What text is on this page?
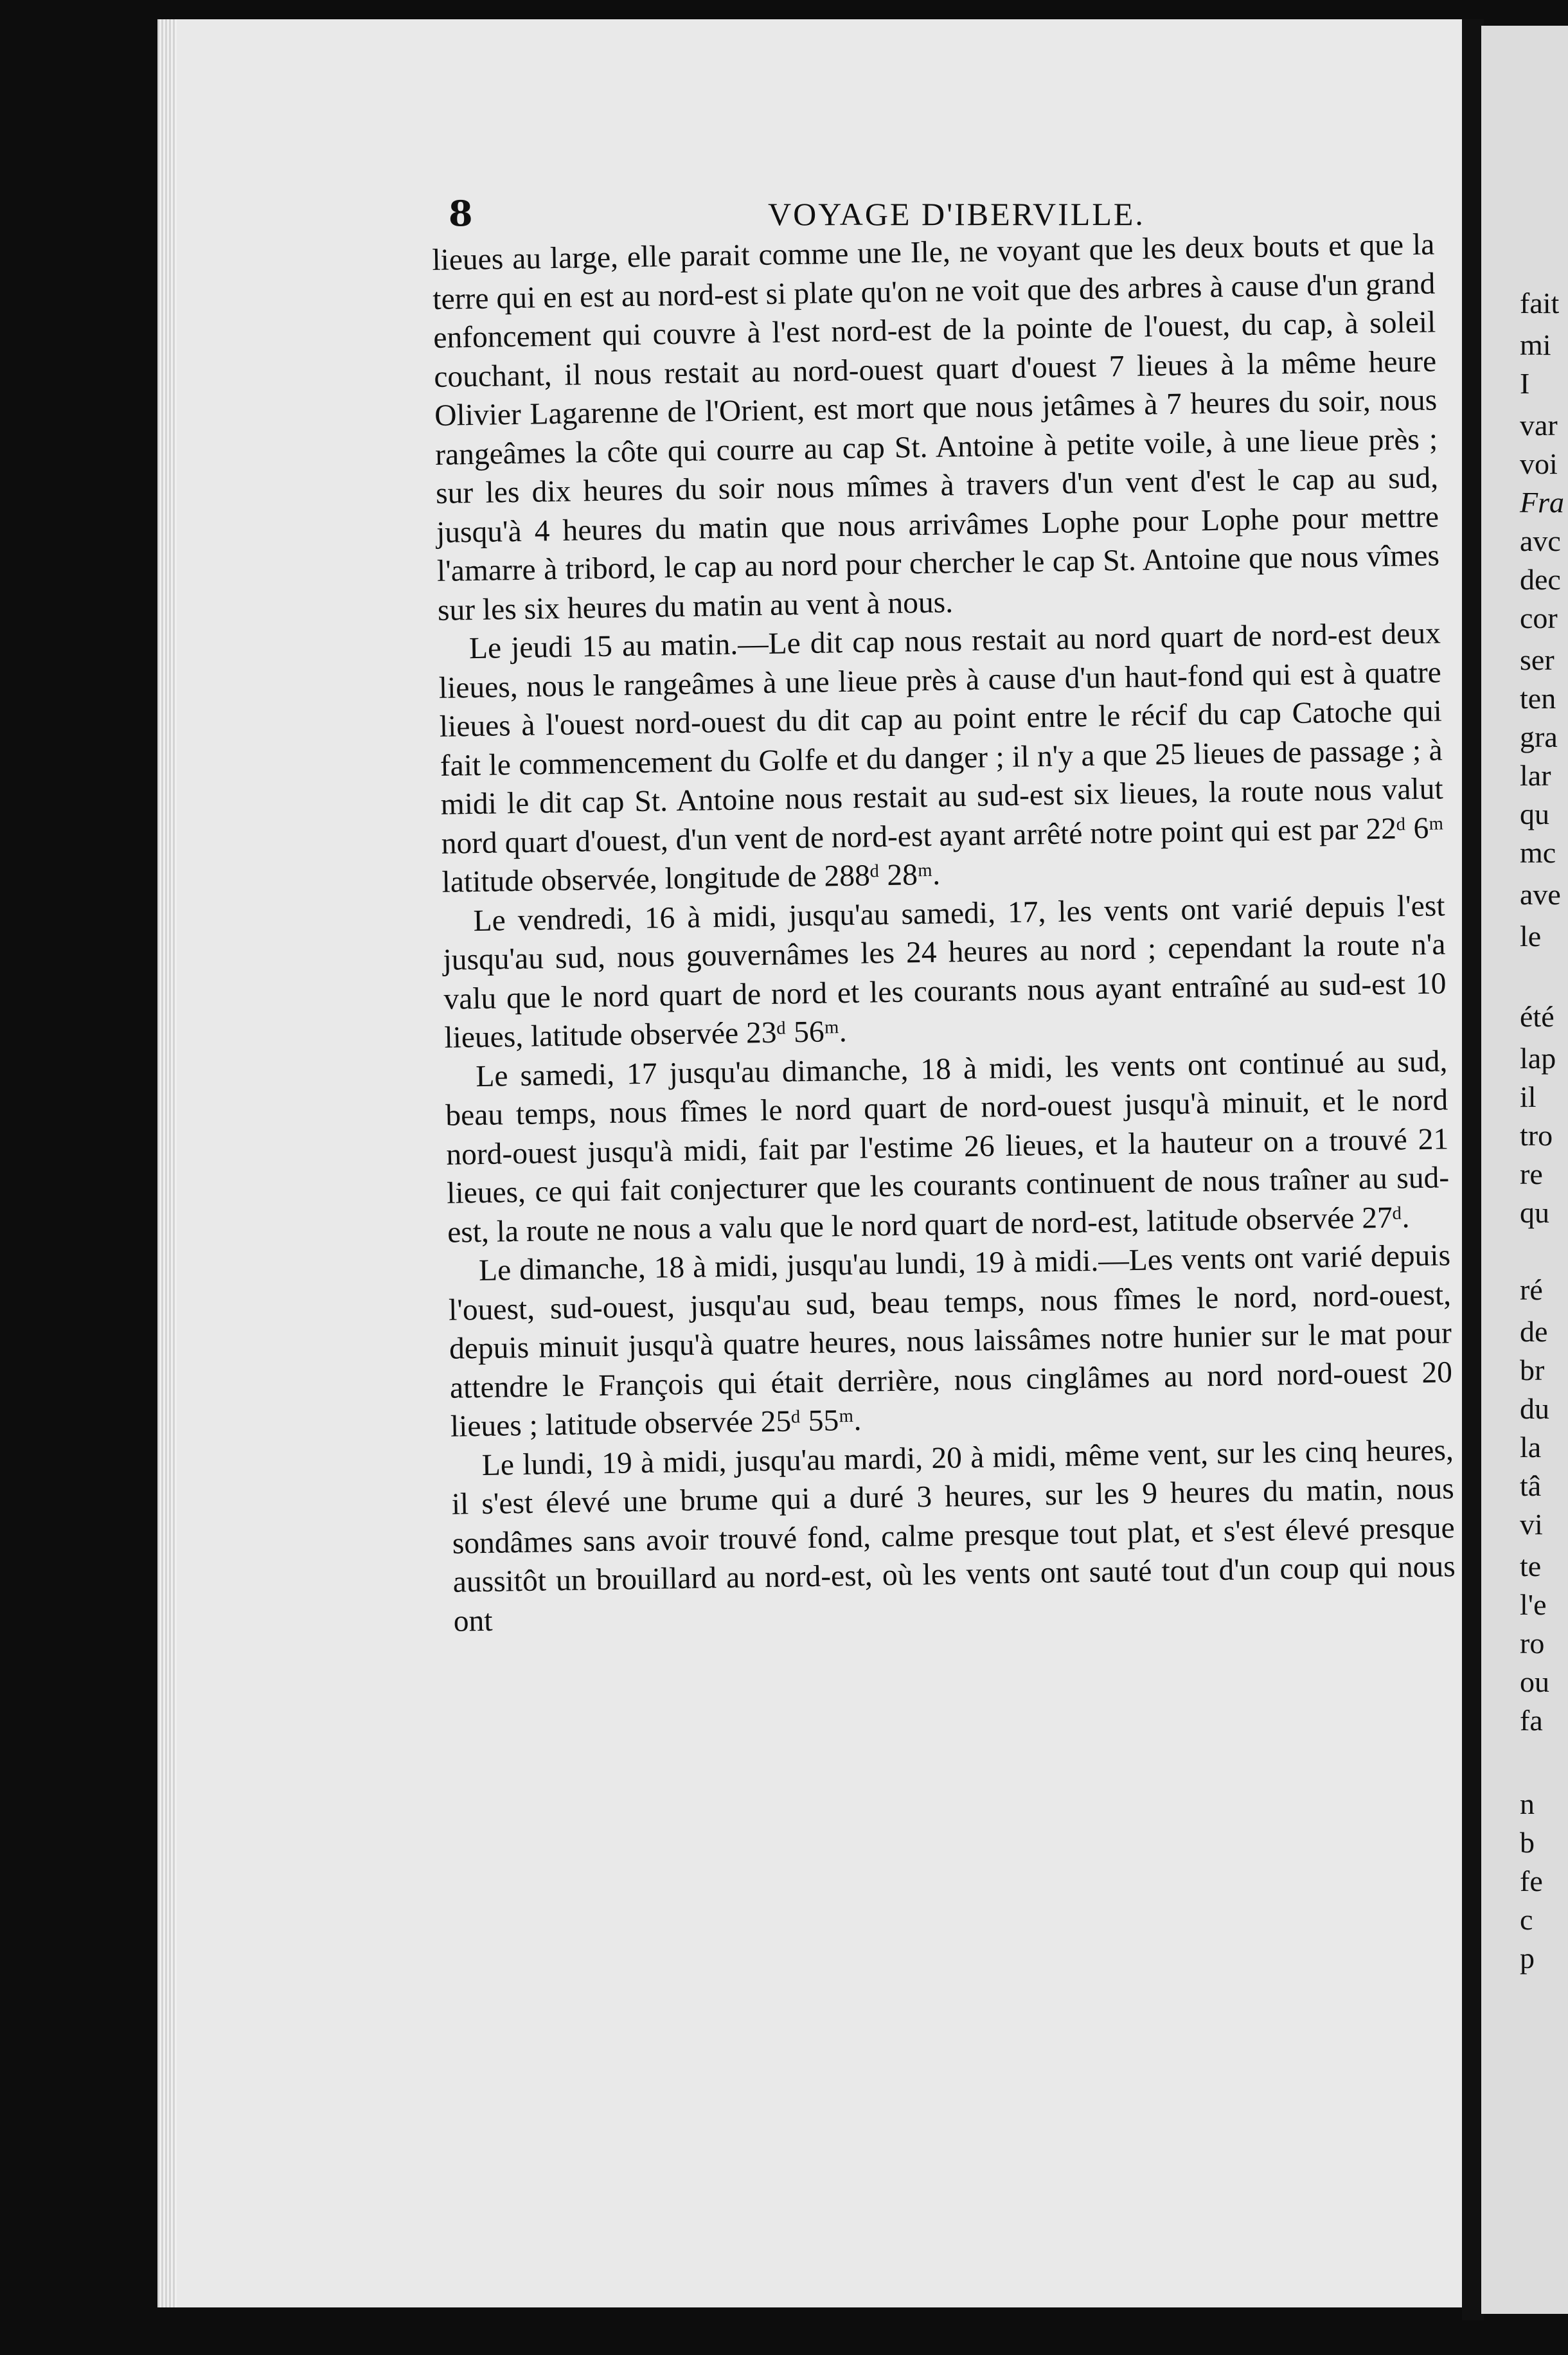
8	VOYAGE D'IBERVILLE.

lieues au large, elle parait comme une Ile, ne voyant que les deux bouts et que la terre qui en est au nord-est si plate qu'on ne voit que des arbres à cause d'un grand enfoncement qui couvre à l'est nord-est de la pointe de l'ouest, du cap, à soleil couchant, il nous restait au nord-ouest quart d'ouest 7 lieues à la même heure Olivier Lagarenne de l'Orient, est mort que nous jetâmes à 7 heures du soir, nous rangeâmes la côte qui courre au cap St. Antoine à petite voile, à une lieue près ; sur les dix heures du soir nous mîmes à travers d'un vent d'est le cap au sud, jusqu'à 4 heures du matin que nous arrivâmes Lophe pour Lophe pour mettre l'amarre à tribord, le cap au nord pour chercher le cap St. Antoine que nous vîmes sur les six heures du matin au vent à nous.

Le jeudi 15 au matin.—Le dit cap nous restait au nord quart de nord-est deux lieues, nous le rangeâmes à une lieue près à cause d'un haut-fond qui est à quatre lieues à l'ouest nord-ouest du dit cap au point entre le récif du cap Catoche qui fait le commencement du Golfe et du danger ; il n'y a que 25 lieues de passage ; à midi le dit cap St. Antoine nous restait au sud-est six lieues, la route nous valut nord quart d'ouest, d'un vent de nord-est ayant arrêté notre point qui est par 22ᵈ 6ᵐ latitude observée, longitude de 288ᵈ 28ᵐ.

Le vendredi, 16 à midi, jusqu'au samedi, 17, les vents ont varié depuis l'est jusqu'au sud, nous gouvernâmes les 24 heures au nord ; cependant la route n'a valu que le nord quart de nord et les courants nous ayant entraîné au sud-est 10 lieues, latitude observée 23ᵈ 56ᵐ.

Le samedi, 17 jusqu'au dimanche, 18 à midi, les vents ont continué au sud, beau temps, nous fîmes le nord quart de nord-ouest jusqu'à minuit, et le nord nord-ouest jusqu'à midi, fait par l'estime 26 lieues, et la hauteur on a trouvé 21 lieues, ce qui fait conjecturer que les courants continuent de nous traîner au sud-est, la route ne nous a valu que le nord quart de nord-est, latitude observée 27ᵈ.

Le dimanche, 18 à midi, jusqu'au lundi, 19 à midi.—Les vents ont varié depuis l'ouest, sud-ouest, jusqu'au sud, beau temps, nous fîmes le nord, nord-ouest, depuis minuit jusqu'à quatre heures, nous laissâmes notre hunier sur le mat pour attendre le François qui était derrière, nous cinglâmes au nord nord-ouest 20 lieues ; latitude observée 25ᵈ 55ᵐ.

Le lundi, 19 à midi, jusqu'au mardi, 20 à midi, même vent, sur les cinq heures, il s'est élevé une brume qui a duré 3 heures, sur les 9 heures du matin, nous sondâmes sans avoir trouvé fond, calme presque tout plat, et s'est élevé presque aussitôt un brouillard au nord-est, où les vents ont sauté tout d'un coup qui nous ont

fait
mi
I
var
voi
Fra
avc
dec
cor
ser
ten
gra
lar
qu
mc
ave
le
été
lap
il
tro
re
qu
ré
de
br
du
la
tâ
vi
te
l'e
ro
ou
fa
n
b
fe
c
p
